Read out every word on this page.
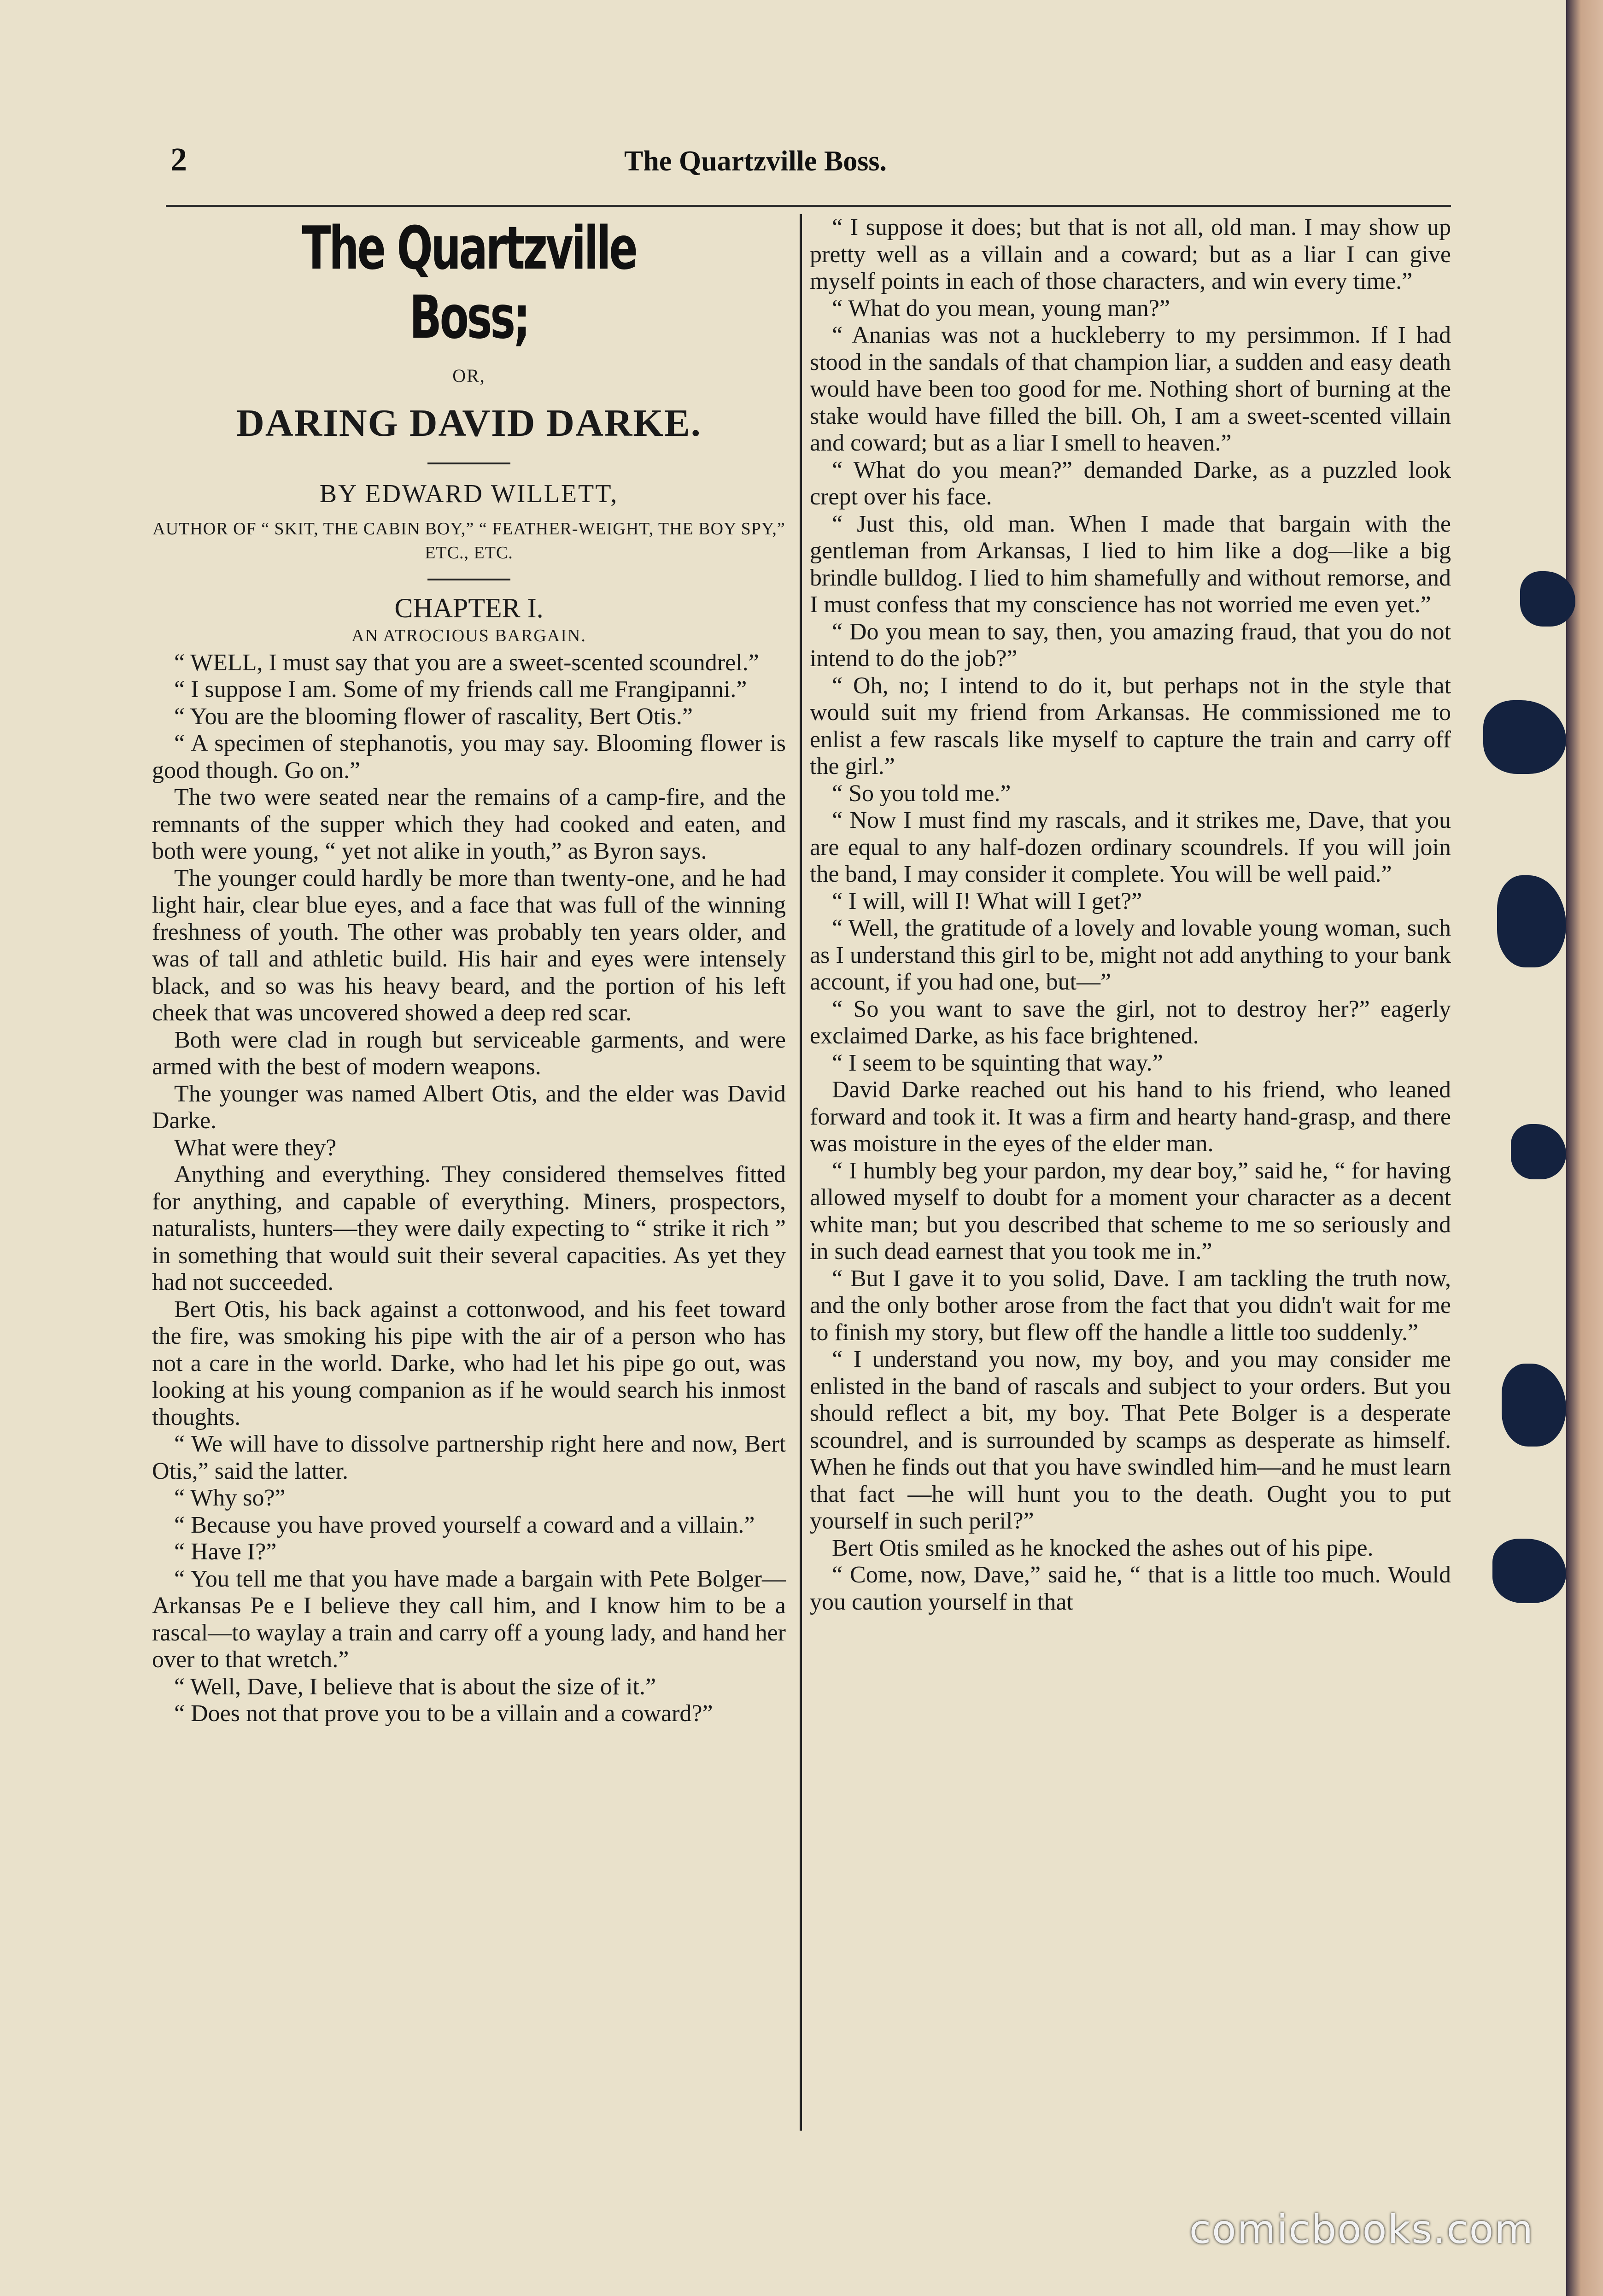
2	The Quartzville Boss.
The Quartzville Boss;
OR,
DARING DAVID DARKE.
BY EDWARD WILLETT,
AUTHOR OF “ SKIT, THE CABIN BOY,” “ FEATHER-WEIGHT, THE BOY SPY,” ETC., ETC.
CHAPTER I.
AN ATROCIOUS BARGAIN.

“ WELL, I must say that you are a sweet-scented scoundrel.”

“ I suppose I am. Some of my friends call me Frangipanni.”

“ You are the blooming flower of rascality, Bert Otis.”

“ A specimen of stephanotis, you may say. Blooming flower is good though. Go on.”

The two were seated near the remains of a camp-fire, and the remnants of the supper which they had cooked and eaten, and both were young, “ yet not alike in youth,” as Byron says.

The younger could hardly be more than twenty-one, and he had light hair, clear blue eyes, and a face that was full of the winning freshness of youth. The other was probably ten years older, and was of tall and athletic build. His hair and eyes were intensely black, and so was his heavy beard, and the portion of his left cheek that was uncovered showed a deep red scar.

Both were clad in rough but serviceable garments, and were armed with the best of modern weapons.

The younger was named Albert Otis, and the elder was David Darke.

What were they?

Anything and everything. They considered themselves fitted for anything, and capable of everything. Miners, prospectors, naturalists, hunters—they were daily expecting to “ strike it rich ” in something that would suit their several capacities. As yet they had not succeeded.

Bert Otis, his back against a cottonwood, and his feet toward the fire, was smoking his pipe with the air of a person who has not a care in the world. Darke, who had let his pipe go out, was looking at his young companion as if he would search his inmost thoughts.

“ We will have to dissolve partnership right here and now, Bert Otis,” said the latter.

“ Why so?”

“ Because you have proved yourself a coward and a villain.”

“ Have I?”

“ You tell me that you have made a bargain with Pete Bolger—Arkansas Pe e I believe they call him, and I know him to be a rascal—to waylay a train and carry off a young lady, and hand her over to that wretch.”

“ Well, Dave, I believe that is about the size of it.”

“ Does not that prove you to be a villain and a coward?”

“ I suppose it does; but that is not all, old man. I may show up pretty well as a villain and a coward; but as a liar I can give myself points in each of those characters, and win every time.”

“ What do you mean, young man?”

“ Ananias was not a huckleberry to my persimmon. If I had stood in the sandals of that champion liar, a sudden and easy death would have been too good for me. Nothing short of burning at the stake would have filled the bill. Oh, I am a sweet-scented villain and coward; but as a liar I smell to heaven.”

“ What do you mean?” demanded Darke, as a puzzled look crept over his face.

“ Just this, old man. When I made that bargain with the gentleman from Arkansas, I lied to him like a dog—like a big brindle bulldog. I lied to him shamefully and without remorse, and I must confess that my conscience has not worried me even yet.”

“ Do you mean to say, then, you amazing fraud, that you do not intend to do the job?”

“ Oh, no; I intend to do it, but perhaps not in the style that would suit my friend from Arkansas. He commissioned me to enlist a few rascals like myself to capture the train and carry off the girl.”

“ So you told me.”

“ Now I must find my rascals, and it strikes me, Dave, that you are equal to any half-dozen ordinary scoundrels. If you will join the band, I may consider it complete. You will be well paid.”

“ I will, will I! What will I get?”

“ Well, the gratitude of a lovely and lovable young woman, such as I understand this girl to be, might not add anything to your bank account, if you had one, but—”

“ So you want to save the girl, not to destroy her?” eagerly exclaimed Darke, as his face brightened.

“ I seem to be squinting that way.”

David Darke reached out his hand to his friend, who leaned forward and took it. It was a firm and hearty hand-grasp, and there was moisture in the eyes of the elder man.

“ I humbly beg your pardon, my dear boy,” said he, “ for having allowed myself to doubt for a moment your character as a decent white man; but you described that scheme to me so seriously and in such dead earnest that you took me in.”

“ But I gave it to you solid, Dave. I am tackling the truth now, and the only bother arose from the fact that you didn't wait for me to finish my story, but flew off the handle a little too suddenly.”

“ I understand you now, my boy, and you may consider me enlisted in the band of rascals and subject to your orders. But you should reflect a bit, my boy. That Pete Bolger is a desperate scoundrel, and is surrounded by scamps as desperate as himself. When he finds out that you have swindled him—and he must learn that fact —he will hunt you to the death. Ought you to put yourself in such peril?”

Bert Otis smiled as he knocked the ashes out of his pipe.

“ Come, now, Dave,” said he, “ that is a little too much. Would you caution yourself in that

comicbooks.com
